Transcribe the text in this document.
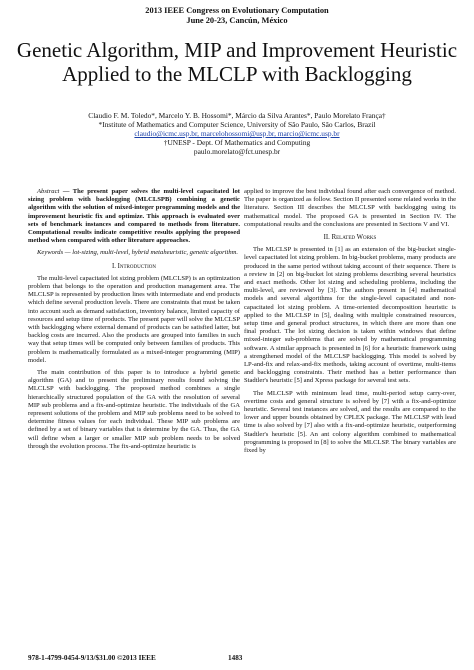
2013 IEEE Congress on Evolutionary Computation
June 20-23, Cancún, México
Genetic Algorithm, MIP and Improvement Heuristic Applied to the MLCLP with Backlogging
Claudio F. M. Toledo*, Marcelo Y. B. Hossomi*, Márcio da Silva Arantes*, Paulo Morelato França†
*Institute of Mathematics and Computer Science, University of São Paulo, São Carlos, Brazil
claudio@icmc.usp.br, marcelohossomi@usp.br, marcio@icmc.usp.br
†UNESP - Dept. Of Mathematics and Computing
paulo.morelato@fct.unesp.br
Abstract — The present paper solves the multi-level capacitated lot sizing problem with backlogging (MLCLSPB) combining a genetic algorithm with the solution of mixed-integer programming models and the improvement heuristic fix and optimize. This approach is evaluated over sets of benchmark instances and compared to methods from literature. Computational results indicate competitive results applying the proposed method when compared with other literature approaches.
Keywords — lot-sizing, multi-level, hybrid metaheuristic, genetic algorithm.
I. Introduction

The multi-level capacitated lot sizing problem (MLCLSP) is an optimization problem that belongs to the operation and production management area. The MLCLSP is represented by production lines with intermediate and end products which define several production levels. There are constraints that must be taken into account such as demand satisfaction, inventory balance, limited capacity of resources and setup time of products. The present paper will solve the MLCLSP with backlogging where external demand of products can be satisfied latter, but backlog costs are incurred. Also the products are grouped into families in such way that setup times will be computed only between families of products. This problem is mathematically formulated as a mixed-integer programming (MIP) model.

The main contribution of this paper is to introduce a hybrid genetic algorithm (GA) and to present the preliminary results found solving the MLCLSP with backlogging. The proposed method combines a single hierarchically structured population of the GA with the resolution of several MIP sub problems and a fix-and-optimize heuristic. The individuals of the GA represent solutions of the problem and MIP sub problems need to be solved to determine fitness values for each individual. These MIP sub problems are defined by a set of binary variables that is determine by the GA. Thus, the GA will define when a larger or smaller MIP sub problem needs to be solved through the evolution process. The fix-and-optimize heuristic is

applied to improve the best individual found after each convergence of method. The paper is organized as follow. Section II presented some related works in the literature. Section III describes the MLCLSP with backlogging using its mathematical model. The proposed GA is presented in Section IV. The computational results and the conclusions are presented in Sections V and VI.

II. Related Works

The MLCLSP is presented in [1] as an extension of the big-bucket single-level capacitated lot sizing problem. In big-bucket problems, many products are produced in the same period without taking account of their sequence. There is a review in [2] on big-bucket lot sizing problems describing several heuristics and exact methods. Other lot sizing and scheduling problems, including the multi-level, are reviewed by [3]. The authors present in [4] mathematical models and several algorithms for the single-level capacitated and non-capacitated lot sizing problem. A time-oriented decomposition heuristic is applied to the MLCLSP in [5], dealing with multiple constrained resources, setup time and general product structures, in which there are more than one final product. The lot sizing decision is taken within windows that define mixed-integer sub-problems that are solved by mathematical programming software. A similar approach is presented in [6] for a heuristic framework using a strengthened model of the MLCLSP backlogging. This model is solved by LP-and-fix and relax-and-fix methods, taking account of overtime, multi-items and backlogging constraints. Their method has a better performance than Stadtler's heuristic [5] and Xpress package for several test sets.

The MLCLSP with minimum lead time, multi-period setup carry-over, overtime costs and general structure is solved by [7] with a fix-and-optimize heuristic. Several test instances are solved, and the results are compared to the lower and upper bounds obtained by CPLEX package. The MLCLSP with lead time is also solved by [7] also with a fix-and-optimize heuristic, outperforming Stadtler's heuristic [5]. An ant colony algorithm combined to mathematical programming is proposed in [8] to solve the MLCLSP. The binary variables are fixed by

978-1-4799-0454-9/13/$31.00 ©2013 IEEE	1483
